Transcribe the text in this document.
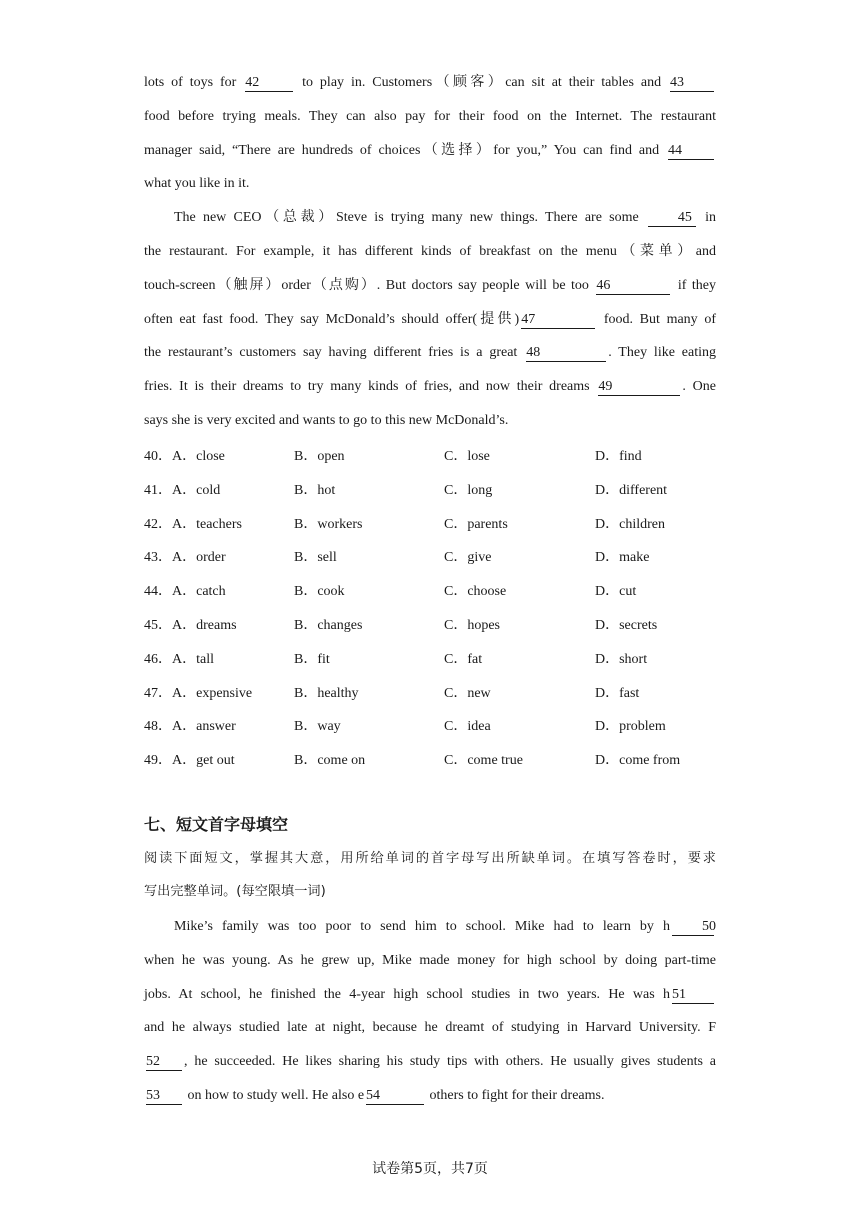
lots of toys for 42	to play in. Customers（顾客）can sit at their tables and 43
food before trying meals. They can also pay for their food on the Internet. The restaurant
manager said, “There are hundreds of choices（选择）for you,” You can find and 44
what you like in it.
The new CEO（总裁）Steve is trying many new things. There are some 45 in
the restaurant. For example, it has different kinds of breakfast on the menu（菜单）and
touch-screen（触屏）order（点购）. But doctors say people will be too 46	if they
often eat fast food. They say McDonald’s should offer(提供) 47	food. But many of
the restaurant’s customers say having different fries is a great 48	. They like eating
fries. It is their dreams to try many kinds of fries, and now their dreams 49	. One
says she is very excited and wants to go to this new McDonald’s.
40．A．close	B．open	C．lose	D．find
41．A．cold	B．hot	C．long	D．different
42．A．teachers	B．workers	C．parents	D．children
43．A．order	B．sell	C．give	D．make
44．A．catch	B．cook	C．choose	D．cut
45．A．dreams	B．changes	C．hopes	D．secrets
46．A．tall	B．fit	C．fat	D．short
47．A．expensive	B．healthy	C．new	D．fast
48．A．answer	B．way	C．idea	D．problem
49．A．get out	B．come on	C．come true	D．come from
七、短文首字母填空
阅读下面短文，掌握其大意，用所给单词的首字母写出所缺单词。在填写答卷时，要求
写出完整单词。(每空限填一词)
Mike’s family was too poor to send him to school. Mike had to learn by h 50
when he was young. As he grew up, Mike made money for high school by doing part-time
jobs. At school, he finished the 4-year high school studies in two years. He was h 51
and he always studied late at night, because he dreamt of studying in Harvard University. F
52 , he succeeded. He likes sharing his study tips with others. He usually gives students a
53 on how to study well. He also e 54	others to fight for their dreams.
试卷第5页，共7页
